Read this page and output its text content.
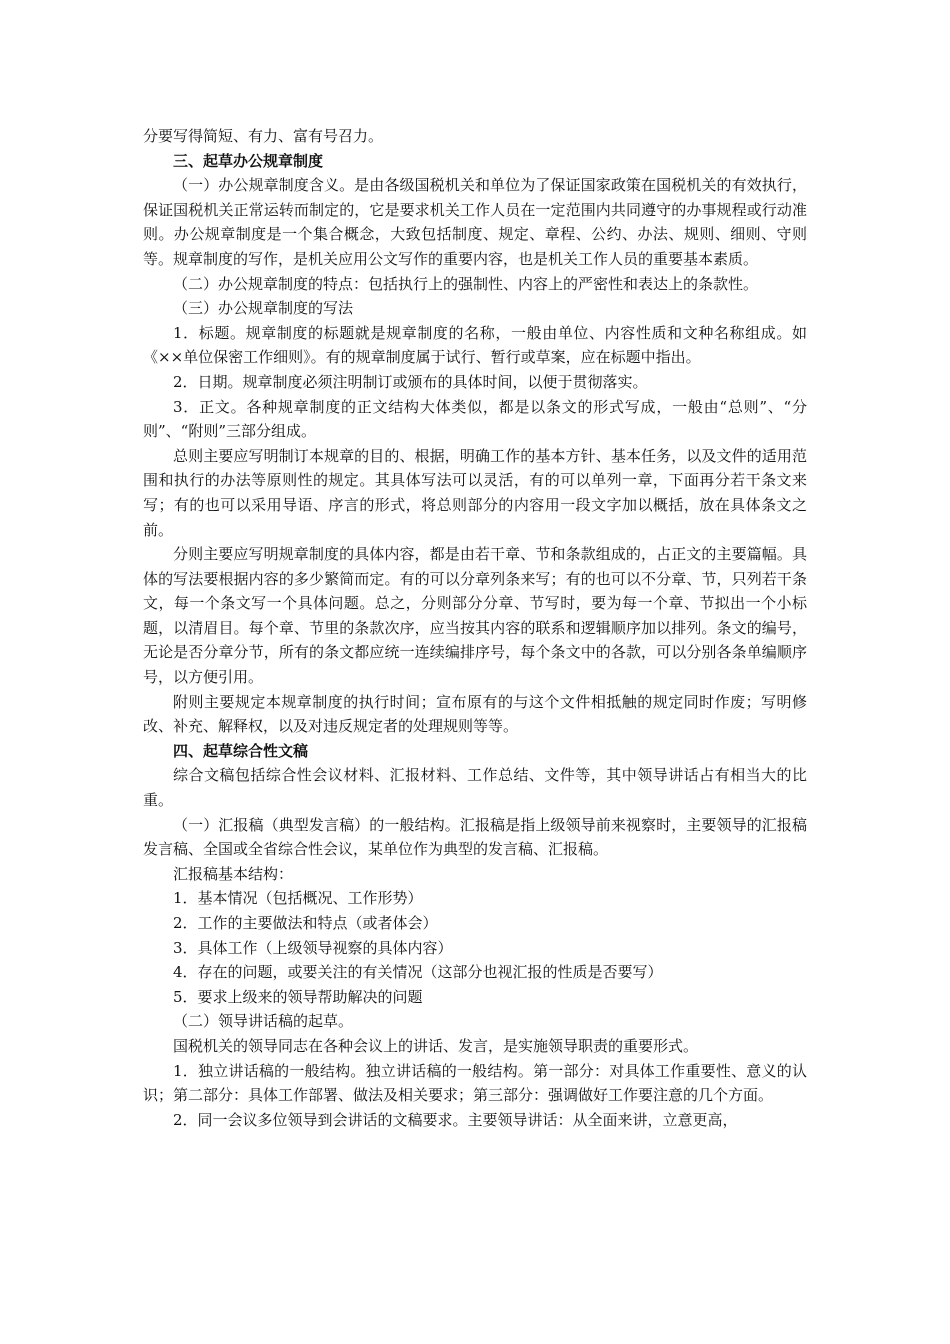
分要写得简短、有力、富有号召力。

三、起草办公规章制度

（一）办公规章制度含义。是由各级国税机关和单位为了保证国家政策在国税机关的有效执行，保证国税机关正常运转而制定的，它是要求机关工作人员在一定范围内共同遵守的办事规程或行动准则。办公规章制度是一个集合概念，大致包括制度、规定、章程、公约、办法、规则、细则、守则等。规章制度的写作，是机关应用公文写作的重要内容，也是机关工作人员的重要基本素质。

（二）办公规章制度的特点：包括执行上的强制性、内容上的严密性和表达上的条款性。

（三）办公规章制度的写法

1．标题。规章制度的标题就是规章制度的名称，一般由单位、内容性质和文种名称组成。如《××单位保密工作细则》。有的规章制度属于试行、暂行或草案，应在标题中指出。

2．日期。规章制度必须注明制订或颁布的具体时间，以便于贯彻落实。

3．正文。各种规章制度的正文结构大体类似，都是以条文的形式写成，一般由“总则”、“分则”、“附则”三部分组成。

总则主要应写明制订本规章的目的、根据，明确工作的基本方针、基本任务，以及文件的适用范围和执行的办法等原则性的规定。其具体写法可以灵活，有的可以单列一章，下面再分若干条文来写；有的也可以采用导语、序言的形式，将总则部分的内容用一段文字加以概括，放在具体条文之前。

分则主要应写明规章制度的具体内容，都是由若干章、节和条款组成的，占正文的主要篇幅。具体的写法要根据内容的多少繁简而定。有的可以分章列条来写；有的也可以不分章、节，只列若干条文，每一个条文写一个具体问题。总之，分则部分分章、节写时，要为每一个章、节拟出一个小标题，以清眉目。每个章、节里的条款次序，应当按其内容的联系和逻辑顺序加以排列。条文的编号，无论是否分章分节，所有的条文都应统一连续编排序号，每个条文中的各款，可以分别各条单编顺序号，以方便引用。

附则主要规定本规章制度的执行时间；宣布原有的与这个文件相抵触的规定同时作废；写明修改、补充、解释权，以及对违反规定者的处理规则等等。

四、起草综合性文稿

综合文稿包括综合性会议材料、汇报材料、工作总结、文件等，其中领导讲话占有相当大的比重。

（一）汇报稿（典型发言稿）的一般结构。汇报稿是指上级领导前来视察时，主要领导的汇报稿发言稿、全国或全省综合性会议，某单位作为典型的发言稿、汇报稿。

汇报稿基本结构：

1．基本情况（包括概况、工作形势）

2．工作的主要做法和特点（或者体会）

3．具体工作（上级领导视察的具体内容）

4．存在的问题，或要关注的有关情况（这部分也视汇报的性质是否要写）

5．要求上级来的领导帮助解决的问题

（二）领导讲话稿的起草。

国税机关的领导同志在各种会议上的讲话、发言，是实施领导职责的重要形式。

1．独立讲话稿的一般结构。独立讲话稿的一般结构。第一部分：对具体工作重要性、意义的认识；第二部分：具体工作部署、做法及相关要求；第三部分：强调做好工作要注意的几个方面。

2．同一会议多位领导到会讲话的文稿要求。主要领导讲话：从全面来讲，立意更高，
